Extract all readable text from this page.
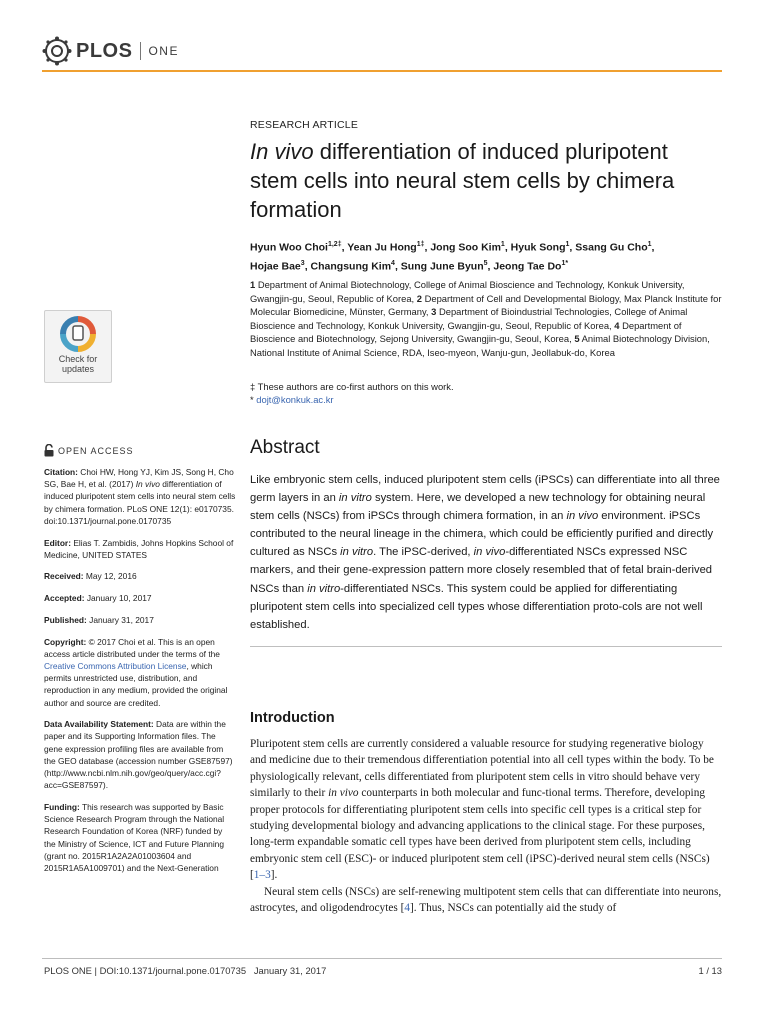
PLOS ONE
Check for
updates
RESEARCH ARTICLE
In vivo differentiation of induced pluripotent stem cells into neural stem cells by chimera formation
Hyun Woo Choi$^{1,2\ddagger}$, Yean Ju Hong$^{1\ddagger}$, Jong Soo Kim$^1$, Hyuk Song$^1$, Ssang Gu Cho$^1$,
Hojae Bae$^3$, Changsung Kim$^4$, Sung June Byun$^5$, Jeong Tae $Do^{1*}$
1 Department of Animal Biotechnology, College of Animal Bioscience and Technology, Konkuk University, Gwangjin-gu, Seoul, Republic of Korea, 2 Department of Cell and Developmental Biology, Max Planck Institute for Molecular Biomedicine, Münster, Germany, 3 Department of Bioindustrial Technologies, College of Animal Bioscience and Technology, Konkuk University, Gwangjin-gu, Seoul, Republic of Korea, 4 Department of Bioscience and Biotechnology, Sejong University, Gwangjin-gu, Seoul, Korea, 5 Animal Biotechnology Division, National Institute of Animal Science, RDA, Iseo-myeon, Wanju-gun, Jeollabuk-do, Korea
‡ These authors are co-first authors on this work.
* dojt@konkuk.ac.kr
OPEN ACCESS

Citation: Choi HW, Hong YJ, Kim JS, Song H, Cho SG, Bae H, et al. (2017) In vivo differentiation of induced pluripotent stem cells into neural stem cells by chimera formation. PLoS ONE 12(1): e0170735. doi:10.1371/journal.pone.0170735

Editor: Elias T. Zambidis, Johns Hopkins School of Medicine, UNITED STATES

Received: May 12, 2016

Accepted: January 10, 2017

Published: January 31, 2017

Copyright: © 2017 Choi et al. This is an open access article distributed under the terms of the Creative Commons Attribution License, which permits unrestricted use, distribution, and reproduction in any medium, provided the original author and source are credited.

Data Availability Statement: Data are within the paper and its Supporting Information files. The gene expression profiling files are available from the GEO database (accession number GSE87597) (http://www.ncbi.nlm.nih.gov/geo/query/acc.cgi?acc=GSE87597).

Funding: This research was supported by Basic Science Research Program through the National Research Foundation of Korea (NRF) funded by the Ministry of Science, ICT and Future Planning (grant no. 2015R1A2A2A01003604 and 2015R1A5A1009701) and the Next-Generation

Abstract
Like embryonic stem cells, induced pluripotent stem cells (iPSCs) can differentiate into all three germ layers in an in vitro system. Here, we developed a new technology for obtaining neural stem cells (NSCs) from iPSCs through chimera formation, in an in vivo environment. iPSCs contributed to the neural lineage in the chimera, which could be efficiently purified and directly cultured as NSCs in vitro. The iPSC-derived, in vivo-differentiated NSCs expressed NSC markers, and their gene-expression pattern more closely resembled that of fetal brain-derived NSCs than in vitro-differentiated NSCs. This system could be applied for differentiating pluripotent stem cells into specialized cell types whose differentiation proto-cols are not well established.
Introduction

Pluripotent stem cells are currently considered a valuable resource for studying regenerative biology and medicine due to their tremendous differentiation potential into all cell types within the body. To be physiologically relevant, cells differentiated from pluripotent stem cells in vitro should behave very similarly to their in vivo counterparts in both molecular and func-tional terms. Therefore, developing proper protocols for differentiating pluripotent stem cells into specific cell types is a critical step for studying developmental biology and advancing applications to the clinical stage. For these purposes, long-term expandable somatic cell types have been derived from pluripotent stem cells, including embryonic stem cell (ESC)- or induced pluripotent stem cell (iPSC)-derived neural stem cells (NSCs) [1–3].

Neural stem cells (NSCs) are self-renewing multipotent stem cells that can differentiate into neurons, astrocytes, and oligodendrocytes [4]. Thus, NSCs can potentially aid the study of

PLOS ONE | DOI:10.1371/journal.pone.0170735   January 31, 2017	1 / 13
